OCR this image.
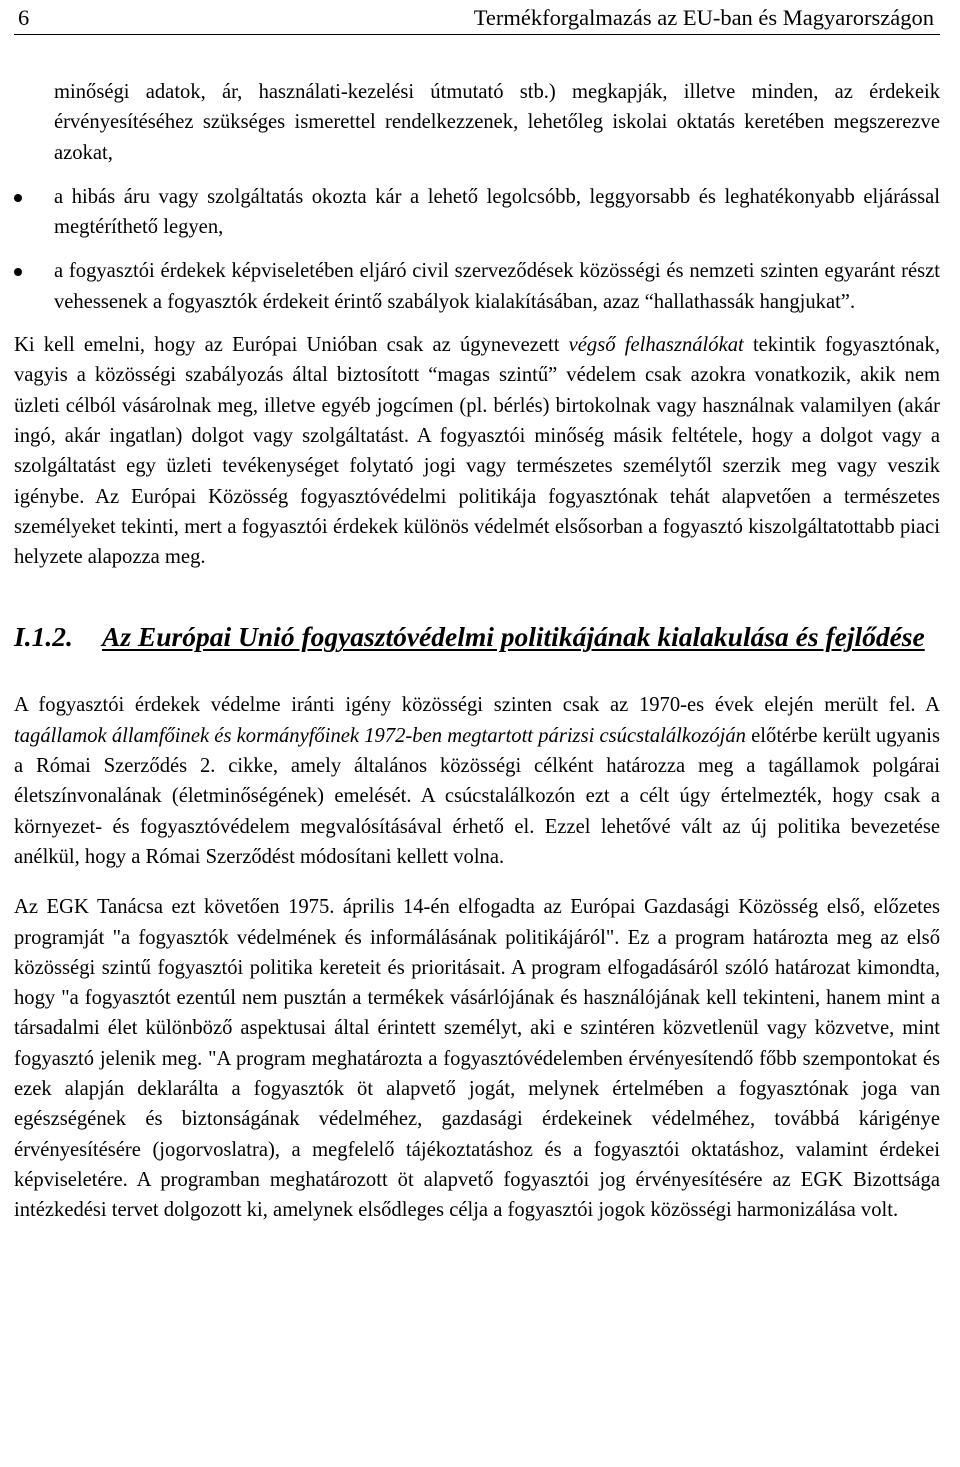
6	Termékforgalmazás az EU-ban és Magyarországon

minőségi adatok, ár, használati-kezelési útmutató stb.) megkapják, illetve minden, az érdekeik érvényesítéséhez szükséges ismerettel rendelkezzenek, lehetőleg iskolai oktatás keretében megszerezve azokat,

a hibás áru vagy szolgáltatás okozta kár a lehető legolcsóbb, leggyorsabb és leghatékonyabb eljárással megtéríthető legyen,
a fogyasztói érdekek képviseletében eljáró civil szerveződések közösségi és nemzeti szinten egyaránt részt vehessenek a fogyasztók érdekeit érintő szabályok kialakításában, azaz “hallathassák hangjukat”.

Ki kell emelni, hogy az Európai Unióban csak az úgynevezett végső felhasználókat tekintik fogyasztónak, vagyis a közösségi szabályozás által biztosított “magas szintű” védelem csak azokra vonatkozik, akik nem üzleti célból vásárolnak meg, illetve egyéb jogcímen (pl. bérlés) birtokolnak vagy használnak valamilyen (akár ingó, akár ingatlan) dolgot vagy szolgáltatást. A fogyasztói minőség másik feltétele, hogy a dolgot vagy a szolgáltatást egy üzleti tevékenységet folytató jogi vagy természetes személytől szerzik meg vagy veszik igénybe. Az Európai Közösség fogyasztóvédelmi politikája fogyasztónak tehát alapvetően a természetes személyeket tekinti, mert a fogyasztói érdekek különös védelmét elsősorban a fogyasztó kiszolgáltatottabb piaci helyzete alapozza meg.

I.1.2.	Az Európai Unió fogyasztóvédelmi politikájának kialakulása és fejlődése

A fogyasztói érdekek védelme iránti igény közösségi szinten csak az 1970-es évek elején merült fel. A tagállamok államfőinek és kormányfőinek 1972-ben megtartott párizsi csúcstalálkozóján előtérbe került ugyanis a Római Szerződés 2. cikke, amely általános közösségi célként határozza meg a tagállamok polgárai életszínvonalának (életminőségének) emelését. A csúcstalálkozón ezt a célt úgy értelmezték, hogy csak a környezet- és fogyasztóvédelem megvalósításával érhető el. Ezzel lehetővé vált az új politika bevezetése anélkül, hogy a Római Szerződést módosítani kellett volna.

Az EGK Tanácsa ezt követően 1975. április 14-én elfogadta az Európai Gazdasági Közösség első, előzetes programját "a fogyasztók védelmének és informálásának politikájáról". Ez a program határozta meg az első közösségi szintű fogyasztói politika kereteit és prioritásait. A program elfogadásáról szóló határozat kimondta, hogy "a fogyasztót ezentúl nem pusztán a termékek vásárlójának és használójának kell tekinteni, hanem mint a társadalmi élet különböző aspektusai által érintett személyt, aki e szintéren közvetlenül vagy közvetve, mint fogyasztó jelenik meg. "A program meghatározta a fogyasztóvédelemben érvényesítendő főbb szempontokat és ezek alapján deklarálta a fogyasztók öt alapvető jogát, melynek értelmében a fogyasztónak joga van egészségének és biztonságának védelméhez, gazdasági érdekeinek védelméhez, továbbá kárigénye érvényesítésére (jogorvoslatra), a megfelelő tájékoztatáshoz és a fogyasztói oktatáshoz, valamint érdekei képviseletére. A programban meghatározott öt alapvető fogyasztói jog érvényesítésére az EGK Bizottsága intézkedési tervet dolgozott ki, amelynek elsődleges célja a fogyasztói jogok közösségi harmonizálása volt.
